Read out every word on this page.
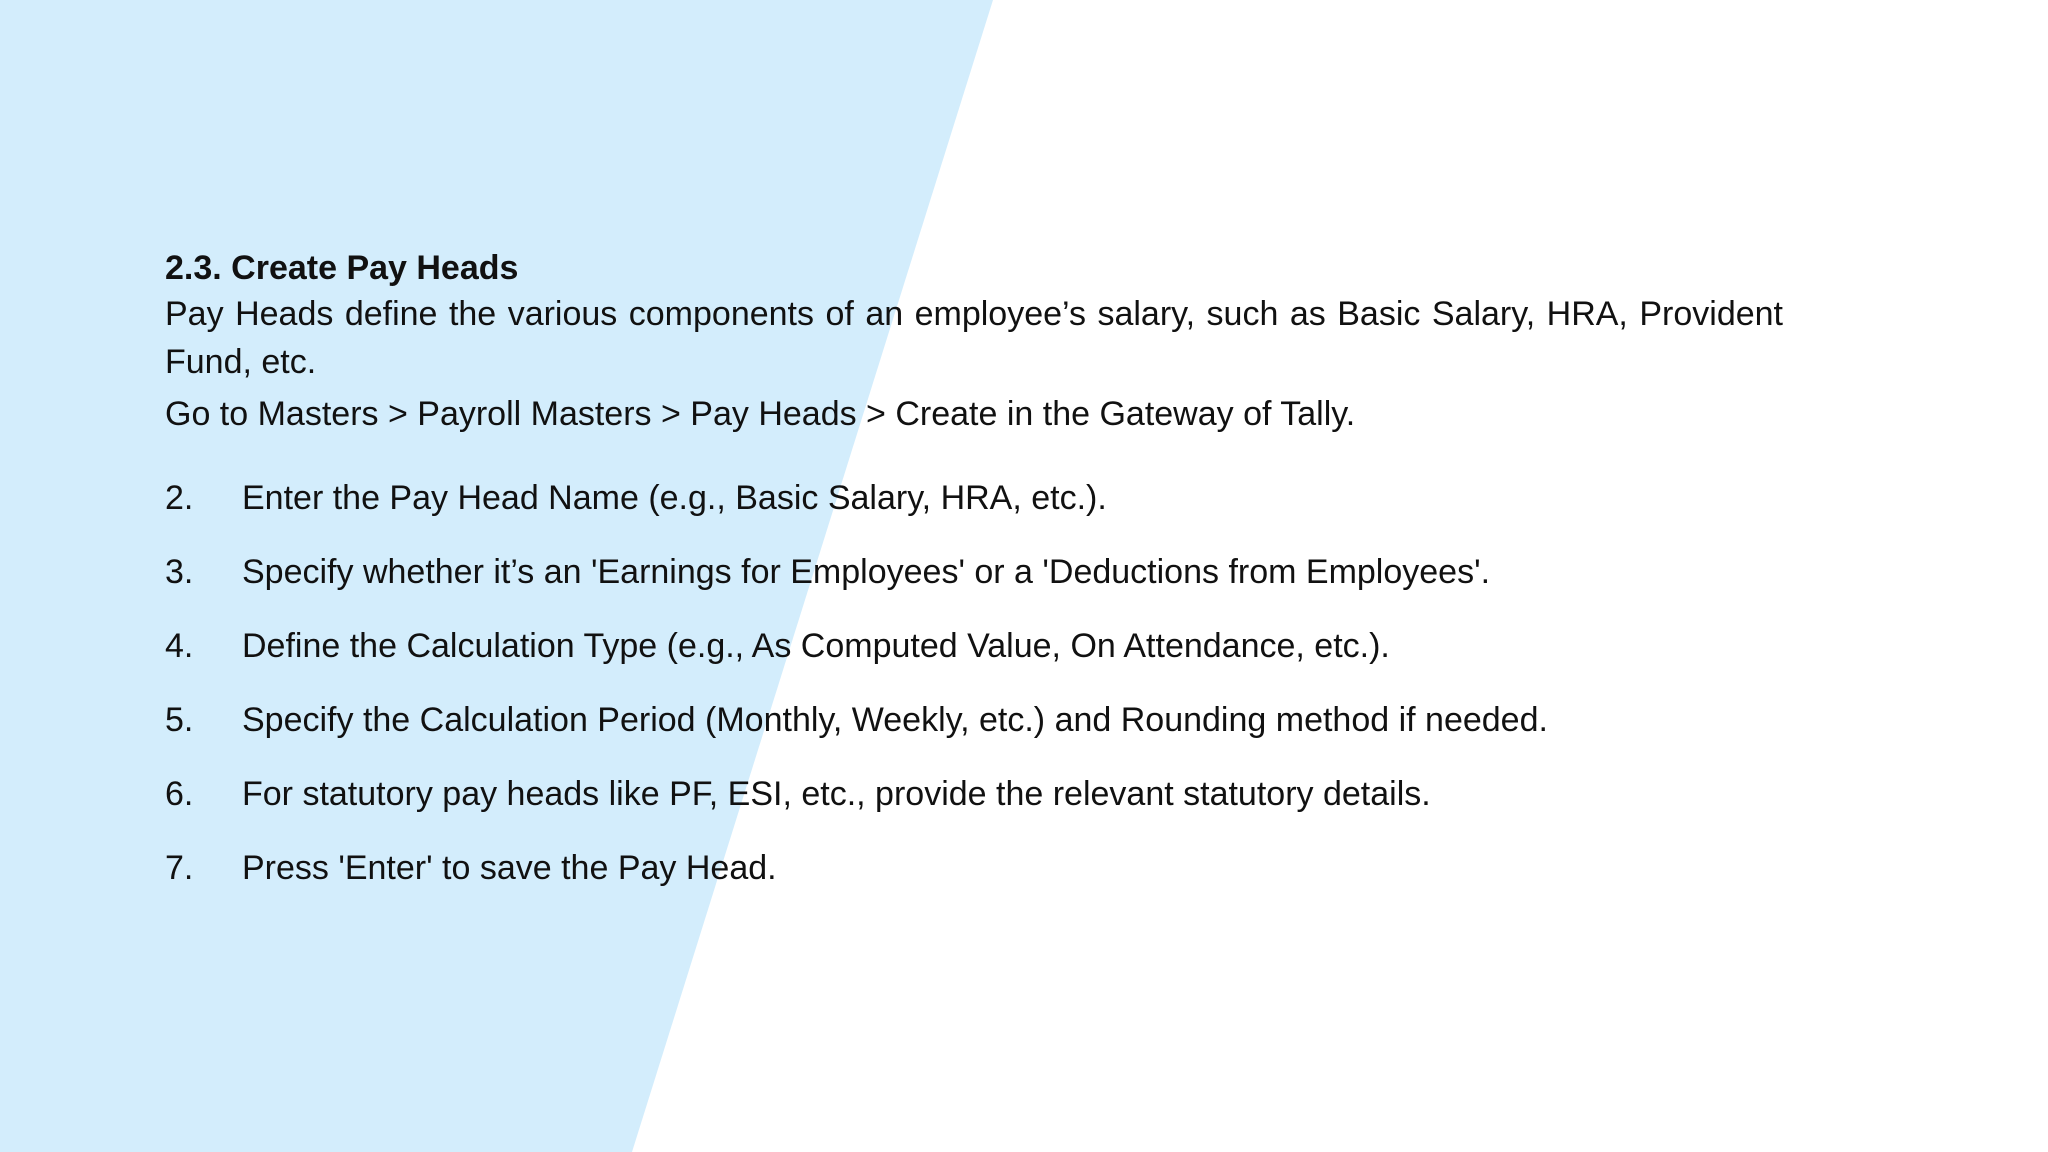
2.3. Create Pay Heads

Pay Heads define the various components of an employee’s salary, such as Basic Salary, HRA, Provident Fund, etc.

Go to Masters > Payroll Masters > Pay Heads > Create in the Gateway of Tally.

2.	Enter the Pay Head Name (e.g., Basic Salary, HRA, etc.).
3.	Specify whether it’s an 'Earnings for Employees' or a 'Deductions from Employees'.
4.	Define the Calculation Type (e.g., As Computed Value, On Attendance, etc.).
5.	Specify the Calculation Period (Monthly, Weekly, etc.) and Rounding method if needed.
6.	For statutory pay heads like PF, ESI, etc., provide the relevant statutory details.
7.	Press 'Enter' to save the Pay Head.
